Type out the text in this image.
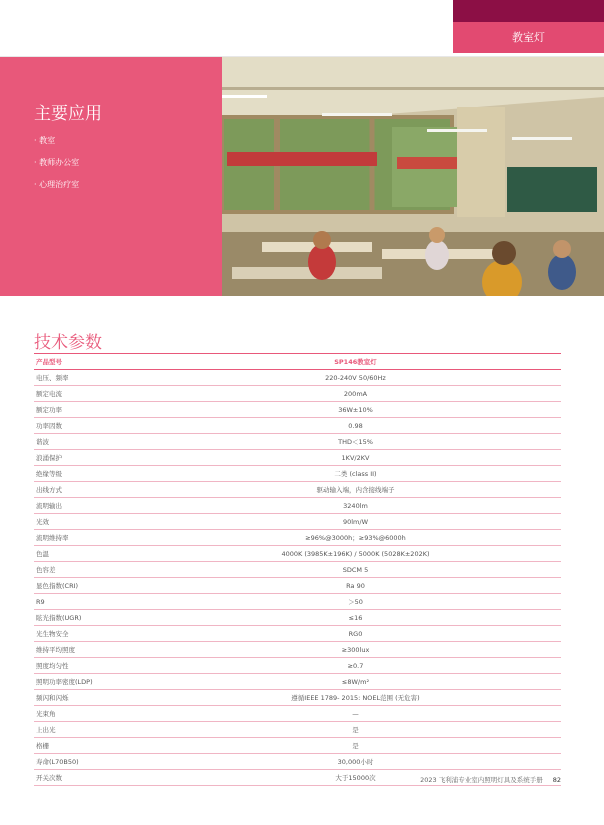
教室灯
主要应用
· 教室
· 教师办公室
· 心理治疗室
技术参数
产品型号	SP146教室灯
电压、频率	220-240V 50/60Hz
额定电流	200mA
额定功率	36W±10%
功率因数	0.98
谐波	THD＜15%
浪涌保护	1KV/2KV
绝缘等级	二类 (class II)
出线方式	驱动输入端，内含接线端子
流明输出	3240lm
光效	90lm/W
流明维持率	≥96%@3000h；≥93%@6000h
色温	4000K (3985K±196K) / 5000K (5028K±202K)
色容差	SDCM 5
显色指数(CRI)	Ra 90
R9	＞50
眩光指数(UGR)	≤16
光生物安全	RG0
维持平均照度	≥300lux
照度均匀性	≥0.7
照明功率密度(LDP)	≤8W/m²
频闪和闪烁	遵循IEEE 1789- 2015: NOEL范围 (无危害)
光束角	—
上出光	是
格栅	是
寿命(L70B50)	30,000小时
开关次数	大于15000次	2023 飞利浦专业室内照明灯具及系统手册 82
